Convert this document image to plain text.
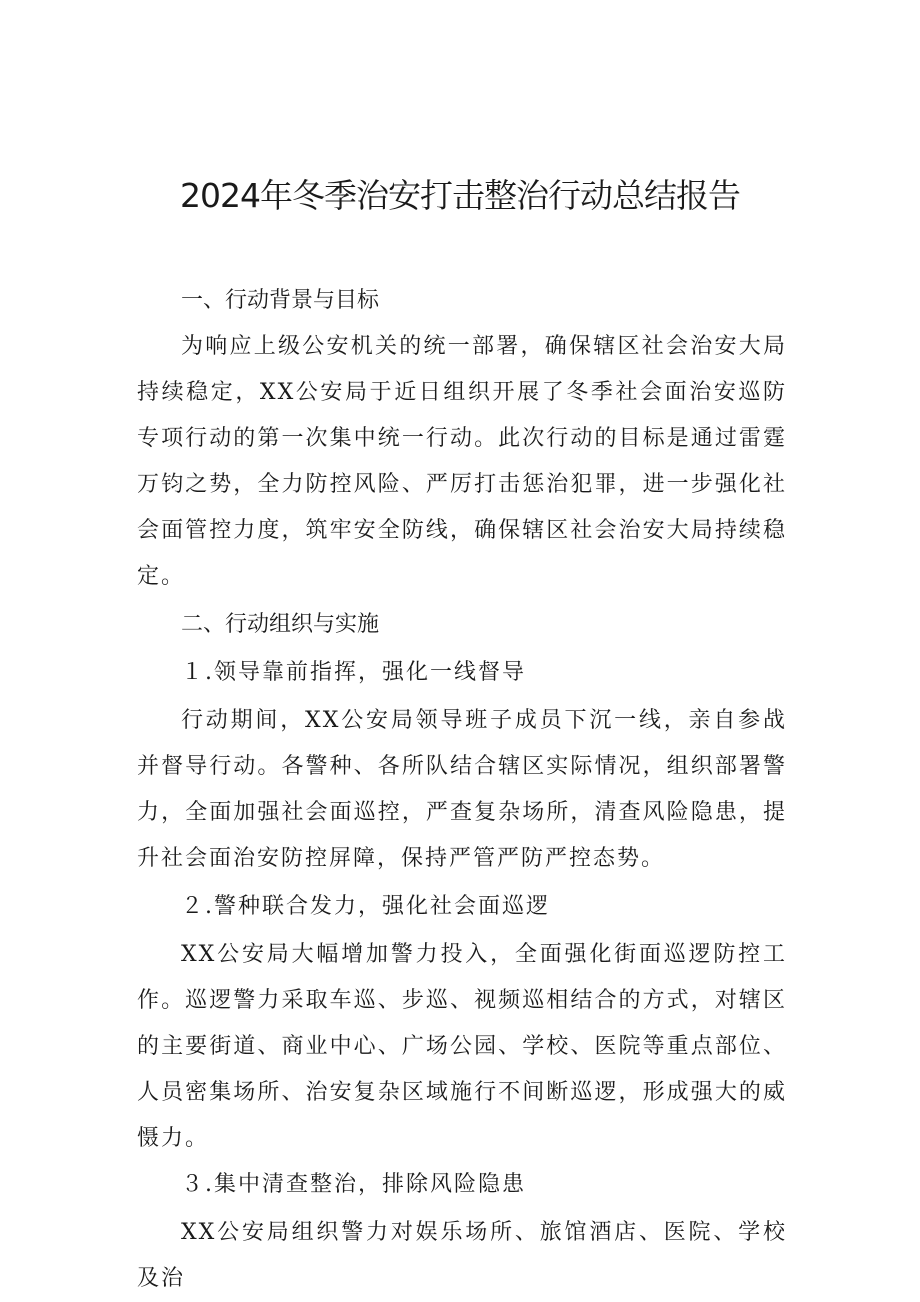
2024年冬季治安打击整治行动总结报告
一、行动背景与目标

为响应上级公安机关的统一部署，确保辖区社会治安大局持续稳定，XX公安局于近日组织开展了冬季社会面治安巡防专项行动的第一次集中统一行动。此次行动的目标是通过雷霆万钧之势，全力防控风险、严厉打击惩治犯罪，进一步强化社会面管控力度，筑牢安全防线，确保辖区社会治安大局持续稳定。

二、行动组织与实施

１.领导靠前指挥，强化一线督导

行动期间，XX公安局领导班子成员下沉一线，亲自参战并督导行动。各警种、各所队结合辖区实际情况，组织部署警力，全面加强社会面巡控，严查复杂场所，清查风险隐患，提升社会面治安防控屏障，保持严管严防严控态势。

２.警种联合发力，强化社会面巡逻

XX公安局大幅增加警力投入，全面强化街面巡逻防控工作。巡逻警力采取车巡、步巡、视频巡相结合的方式，对辖区的主要街道、商业中心、广场公园、学校、医院等重点部位、人员密集场所、治安复杂区域施行不间断巡逻，形成强大的威慑力。

３.集中清查整治，排除风险隐患

XX公安局组织警力对娱乐场所、旅馆酒店、医院、学校及治
